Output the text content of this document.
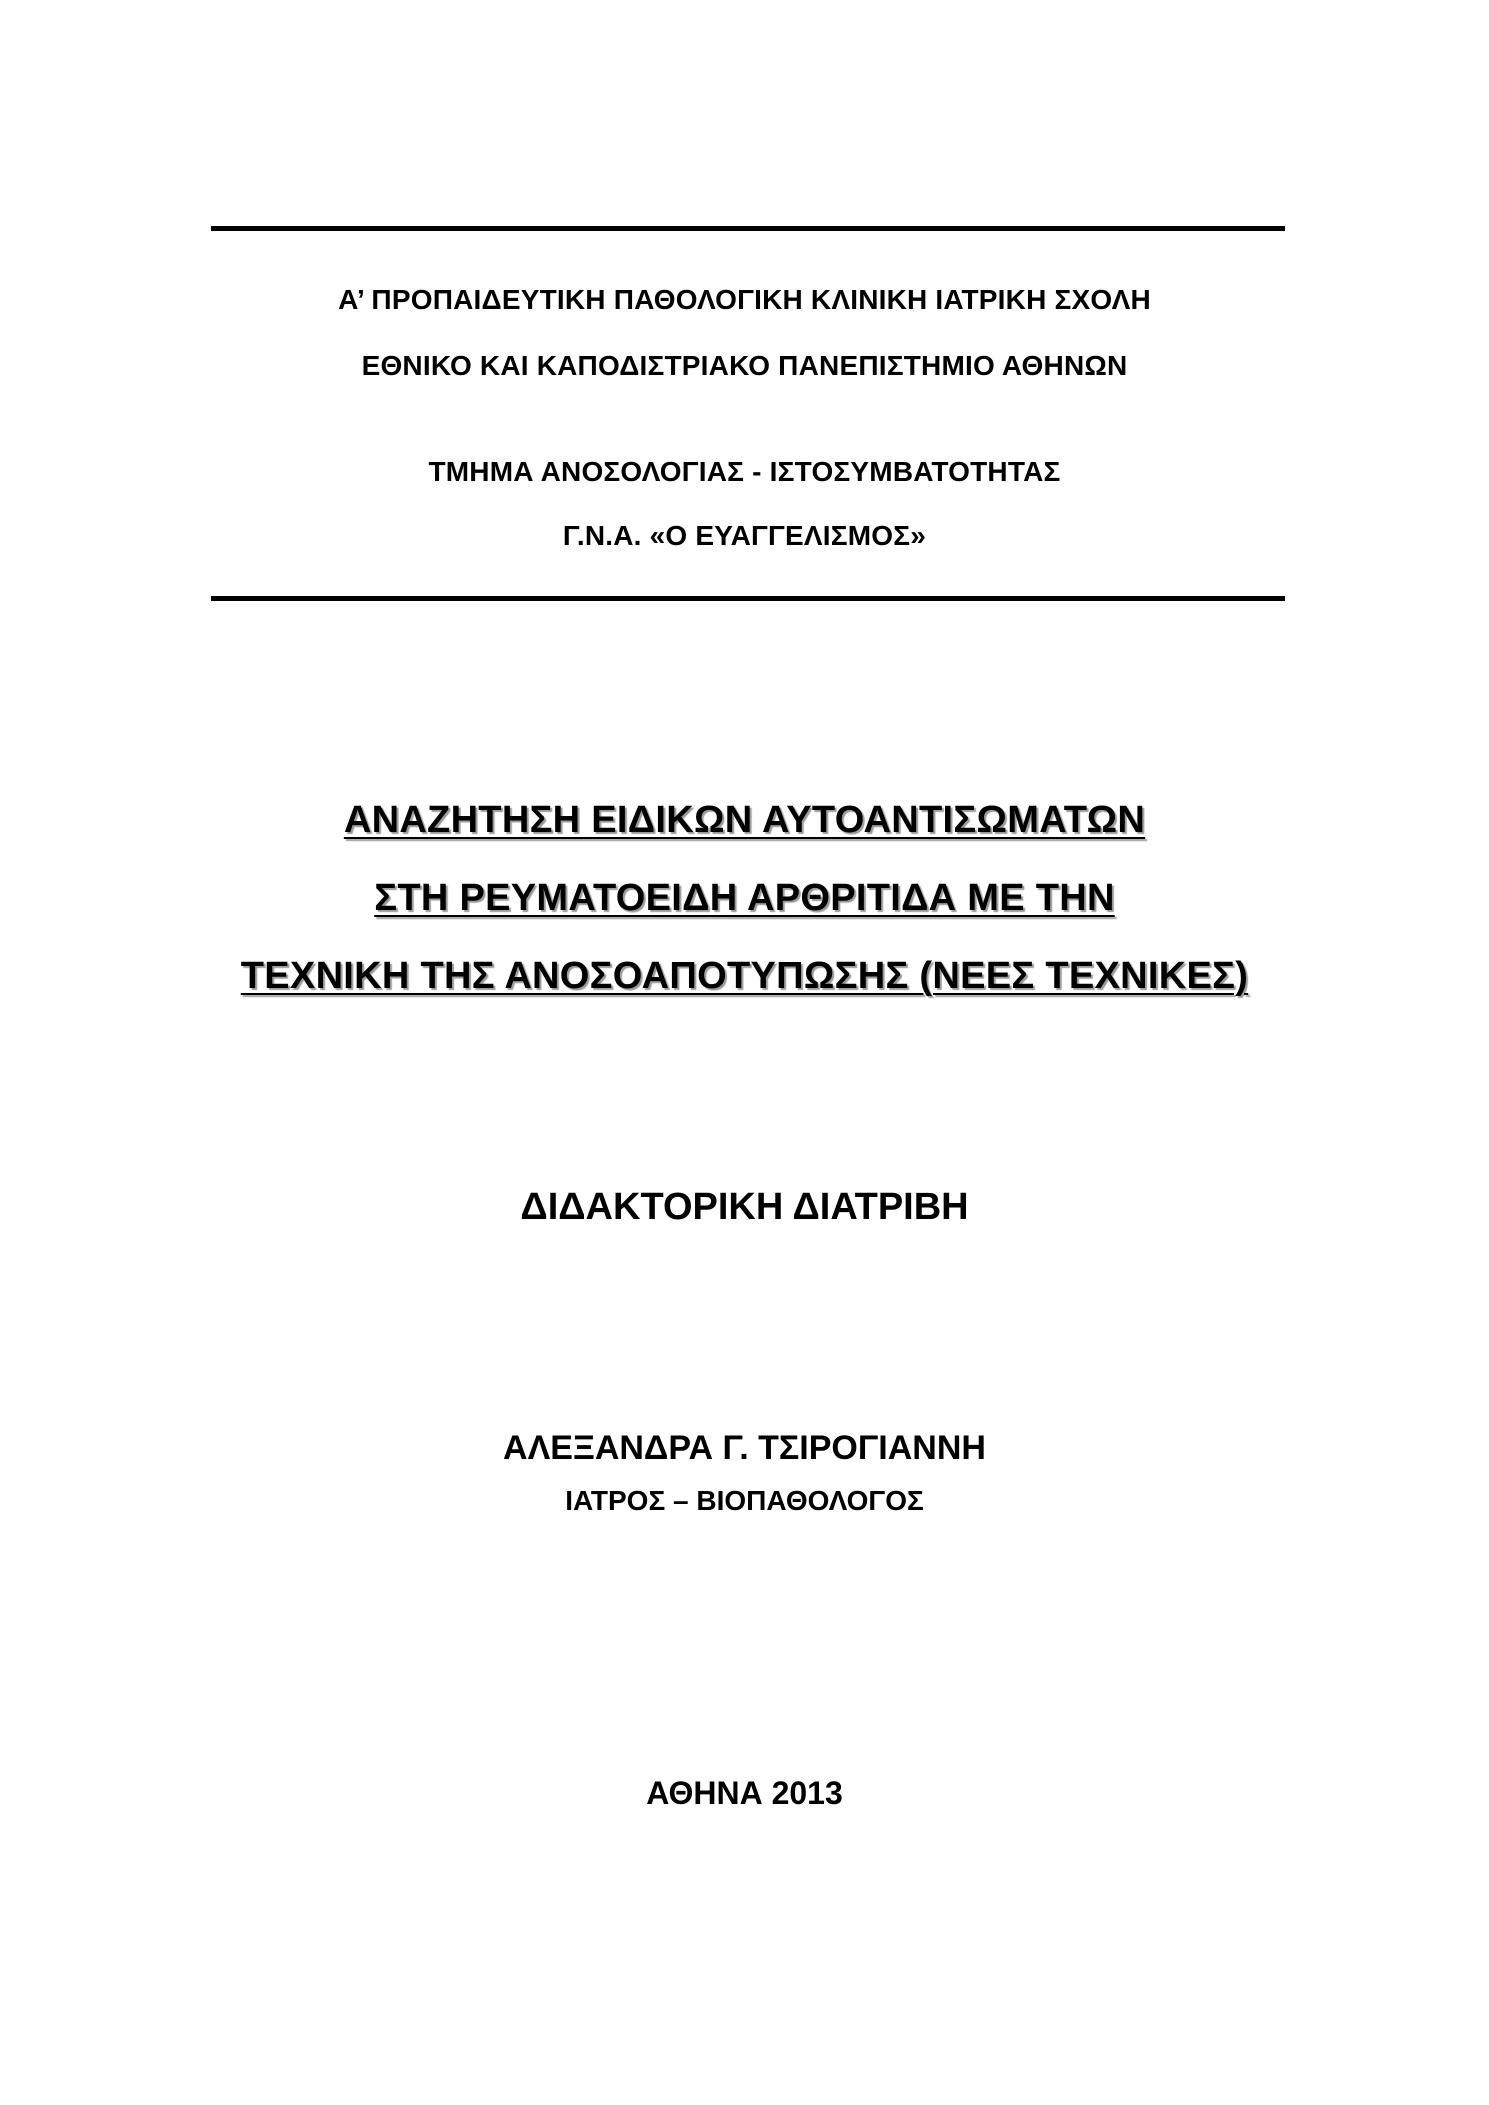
Α’ ΠΡΟΠΑΙΔΕΥΤΙΚΗ ΠΑΘΟΛΟΓΙΚΗ ΚΛΙΝΙΚΗ ΙΑΤΡΙΚΗ ΣΧΟΛΗ
ΕΘΝΙΚΟ ΚΑΙ ΚΑΠΟΔΙΣΤΡΙΑΚΟ ΠΑΝΕΠΙΣΤΗΜΙΟ ΑΘΗΝΩΝ
ΤΜΗΜΑ ΑΝΟΣΟΛΟΓΙΑΣ - ΙΣΤΟΣΥΜΒΑΤΟΤΗΤΑΣ
Γ.Ν.Α. «Ο ΕΥΑΓΓΕΛΙΣΜΟΣ»
ΑΝΑΖΗΤΗΣΗ ΕΙΔΙΚΩΝ ΑΥΤΟΑΝΤΙΣΩΜΑΤΩΝ
ΣΤΗ ΡΕΥΜΑΤΟΕΙΔΗ ΑΡΘΡΙΤΙΔΑ ΜΕ ΤΗΝ
ΤΕΧΝΙΚΗ ΤΗΣ ΑΝΟΣΟΑΠΟΤΥΠΩΣΗΣ (ΝΕΕΣ ΤΕΧΝΙΚΕΣ)
ΔΙΔΑΚΤΟΡΙΚΗ ΔΙΑΤΡΙΒΗ
ΑΛΕΞΑΝΔΡΑ Γ. ΤΣΙΡΟΓΙΑΝΝΗ
ΙΑΤΡΟΣ – ΒΙΟΠΑΘΟΛΟΓΟΣ
ΑΘΗΝΑ 2013
